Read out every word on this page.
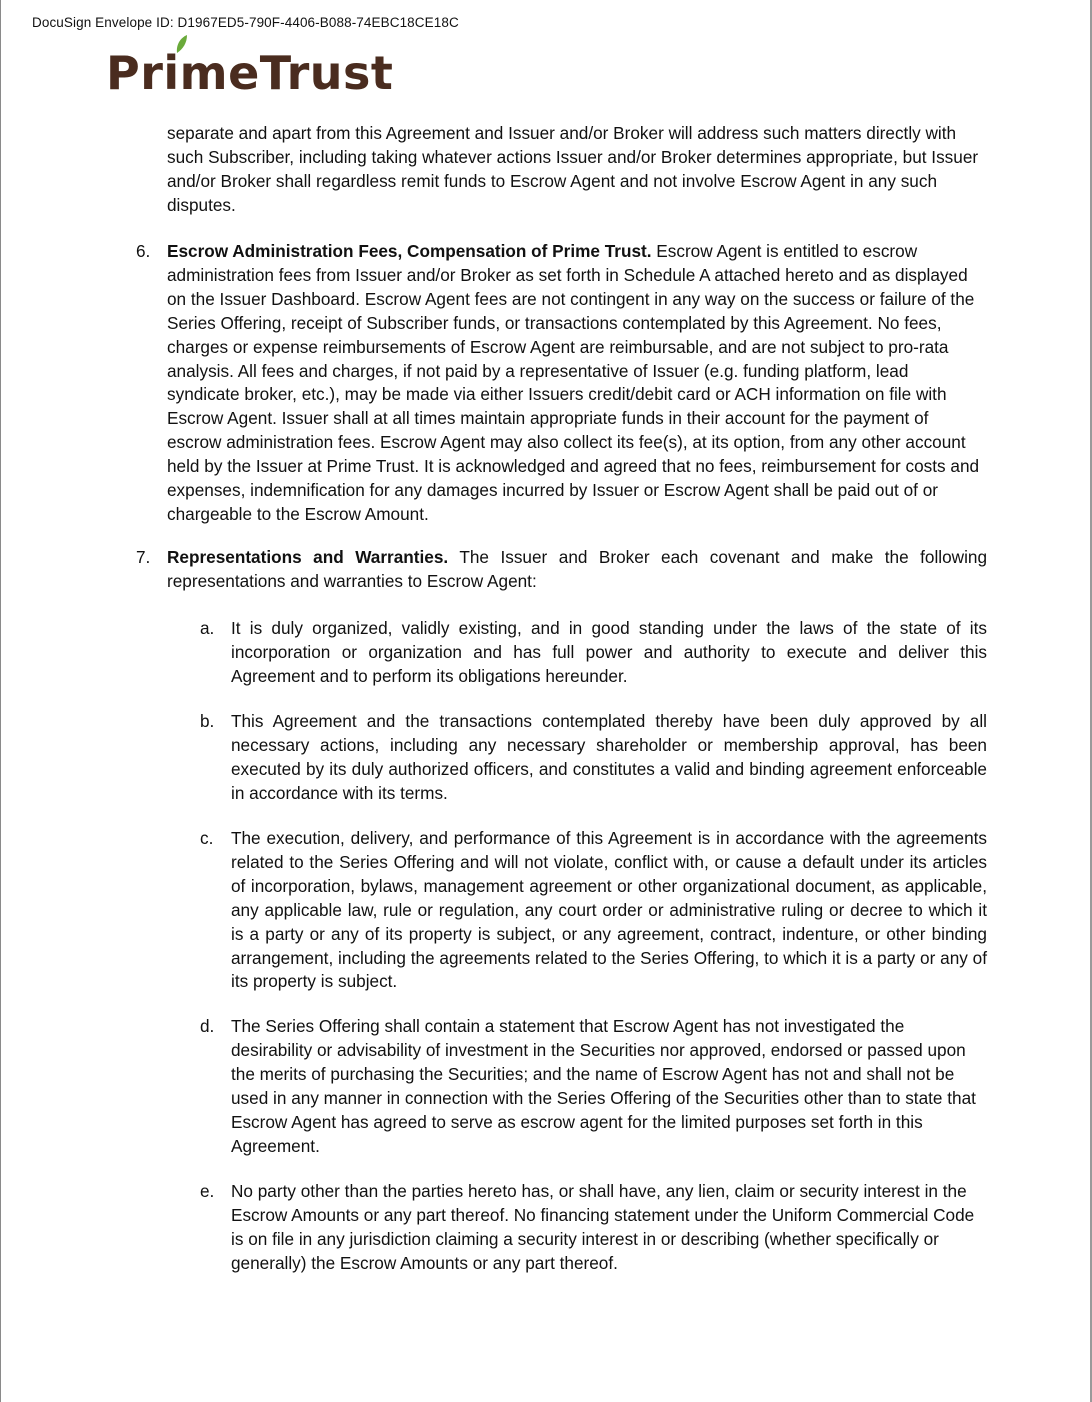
DocuSign Envelope ID: D1967ED5-790F-4406-B088-74EBC18CE18C
PrimeTrust

separate and apart from this Agreement and Issuer and/or Broker will address such matters directly with such Subscriber, including taking whatever actions Issuer and/or Broker determines appropriate, but Issuer and/or Broker shall regardless remit funds to Escrow Agent and not involve Escrow Agent in any such disputes.

6. Escrow Administration Fees, Compensation of Prime Trust. Escrow Agent is entitled to escrow administration fees from Issuer and/or Broker as set forth in Schedule A attached hereto and as displayed on the Issuer Dashboard. Escrow Agent fees are not contingent in any way on the success or failure of the Series Offering, receipt of Subscriber funds, or transactions contemplated by this Agreement. No fees, charges or expense reimbursements of Escrow Agent are reimbursable, and are not subject to pro-rata analysis. All fees and charges, if not paid by a representative of Issuer (e.g. funding platform, lead syndicate broker, etc.), may be made via either Issuers credit/debit card or ACH information on file with Escrow Agent. Issuer shall at all times maintain appropriate funds in their account for the payment of escrow administration fees. Escrow Agent may also collect its fee(s), at its option, from any other account held by the Issuer at Prime Trust. It is acknowledged and agreed that no fees, reimbursement for costs and expenses, indemnification for any damages incurred by Issuer or Escrow Agent shall be paid out of or chargeable to the Escrow Amount.

7. Representations and Warranties. The Issuer and Broker each covenant and make the following representations and warranties to Escrow Agent:

a. It is duly organized, validly existing, and in good standing under the laws of the state of its incorporation or organization and has full power and authority to execute and deliver this Agreement and to perform its obligations hereunder.

b. This Agreement and the transactions contemplated thereby have been duly approved by all necessary actions, including any necessary shareholder or membership approval, has been executed by its duly authorized officers, and constitutes a valid and binding agreement enforceable in accordance with its terms.

c. The execution, delivery, and performance of this Agreement is in accordance with the agreements related to the Series Offering and will not violate, conflict with, or cause a default under its articles of incorporation, bylaws, management agreement or other organizational document, as applicable, any applicable law, rule or regulation, any court order or administrative ruling or decree to which it is a party or any of its property is subject, or any agreement, contract, indenture, or other binding arrangement, including the agreements related to the Series Offering, to which it is a party or any of its property is subject.

d. The Series Offering shall contain a statement that Escrow Agent has not investigated the desirability or advisability of investment in the Securities nor approved, endorsed or passed upon the merits of purchasing the Securities; and the name of Escrow Agent has not and shall not be used in any manner in connection with the Series Offering of the Securities other than to state that Escrow Agent has agreed to serve as escrow agent for the limited purposes set forth in this Agreement.

e. No party other than the parties hereto has, or shall have, any lien, claim or security interest in the Escrow Amounts or any part thereof. No financing statement under the Uniform Commercial Code is on file in any jurisdiction claiming a security interest in or describing (whether specifically or generally) the Escrow Amounts or any part thereof.
